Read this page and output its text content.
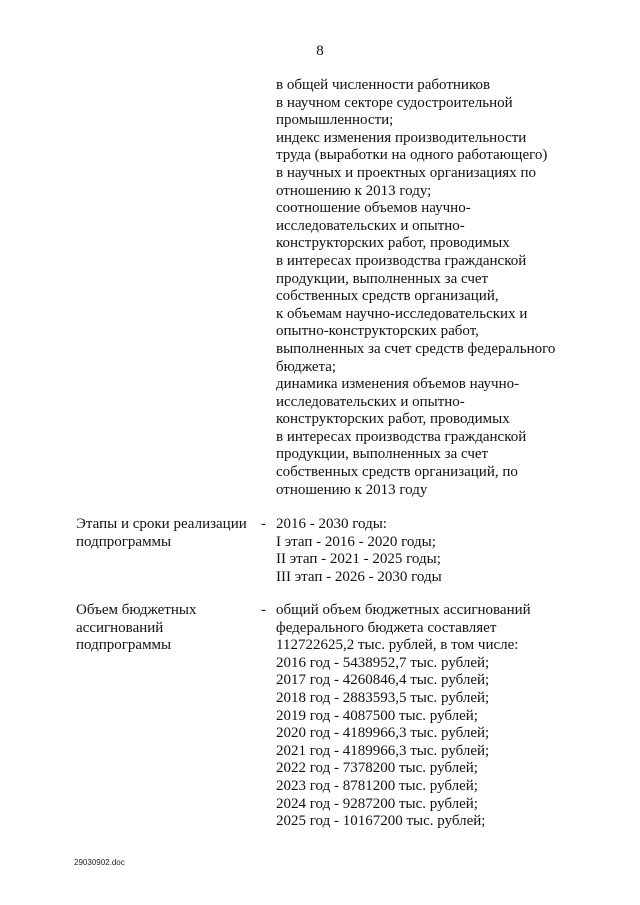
8
в общей численности работников
в научном секторе судостроительной
промышленности;
индекс изменения производительности
труда (выработки на одного работающего)
в научных и проектных организациях по
отношению к 2013 году;
соотношение объемов научно-
исследовательских и опытно-
конструкторских работ, проводимых
в интересах производства гражданской
продукции, выполненных за счет
собственных средств организаций,
к объемам научно-исследовательских и
опытно-конструкторских работ,
выполненных за счет средств федерального
бюджета;
динамика изменения объемов научно-
исследовательских и опытно-
конструкторских работ, проводимых
в интересах производства гражданской
продукции, выполненных за счет
собственных средств организаций, по
отношению к 2013 году
Этапы и сроки реализации
подпрограммы
- 2016 - 2030 годы:
I этап - 2016 - 2020 годы;
II этап - 2021 - 2025 годы;
III этап - 2026 - 2030 годы
Объем бюджетных
ассигнований
подпрограммы
- общий объем бюджетных ассигнований
федерального бюджета составляет
112722625,2 тыс. рублей, в том числе:
2016 год - 5438952,7 тыс. рублей;
2017 год - 4260846,4 тыс. рублей;
2018 год - 2883593,5 тыс. рублей;
2019 год - 4087500 тыс. рублей;
2020 год - 4189966,3 тыс. рублей;
2021 год - 4189966,3 тыс. рублей;
2022 год - 7378200 тыс. рублей;
2023 год - 8781200 тыс. рублей;
2024 год - 9287200 тыс. рублей;
2025 год - 10167200 тыс. рублей;
29030902.doc
